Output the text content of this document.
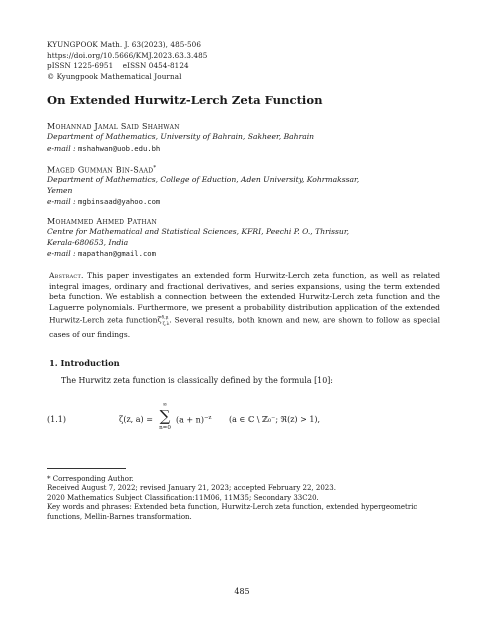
KYUNGPOOK Math. J. 63(2023), 485-506
https://doi.org/10.5666/KMJ.2023.63.3.485
pISSN 1225-6951    eISSN 0454-8124
© Kyungpook Mathematical Journal
On Extended Hurwitz-Lerch Zeta Function
Mohannad Jamal Said Shahwan
Department of Mathematics, University of Bahrain, Sakheer, Bahrain
e-mail : mshahwan@uob.edu.bh
Maged Gumman Bin-Saad*
Department of Mathematics, College of Eduction, Aden University, Kohrmakssar,
Yemen
e-mail : mgbinsaad@yahoo.com
Mohammed Ahmed Pathan
Centre for Mathematical and Statistical Sciences, KFRI, Peechi P. O., Thrissur,
Kerala-680653, India
e-mail : mapathan@gmail.com
Abstract. This paper investigates an extended form Hurwitz-Lerch zeta function, as well as related integral images, ordinary and fractional derivatives, and series expansions, using the term extended beta function. We establish a connection between the extended Hurwitz-Lerch zeta function and the Laguerre polynomials. Furthermore, we present a probability distribution application of the extended Hurwitz-Lerch zeta functionζ$^{\delta,\mu}_{\zeta,\lambda}$. Several results, both known and new, are shown to follow as special cases of our findings.
1. Introduction
The Hurwitz zeta function is classically defined by the formula [10]:
(1.1)	ζ(z, a) =
∞
∑
n=0
$(a + n)^{-z}$ (a ∈ ℂ \ ℤ₀⁻; ℜ(z) > 1),
* Corresponding Author.
Received August 7, 2022; revised January 21, 2023; accepted February 22, 2023.
2020 Mathematics Subject Classification:11M06, 11M35; Secondary 33C20.
Key words and phrases: Extended beta function, Hurwitz-Lerch zeta function, extended hypergeometric functions, Mellin-Barnes transformation.
485
